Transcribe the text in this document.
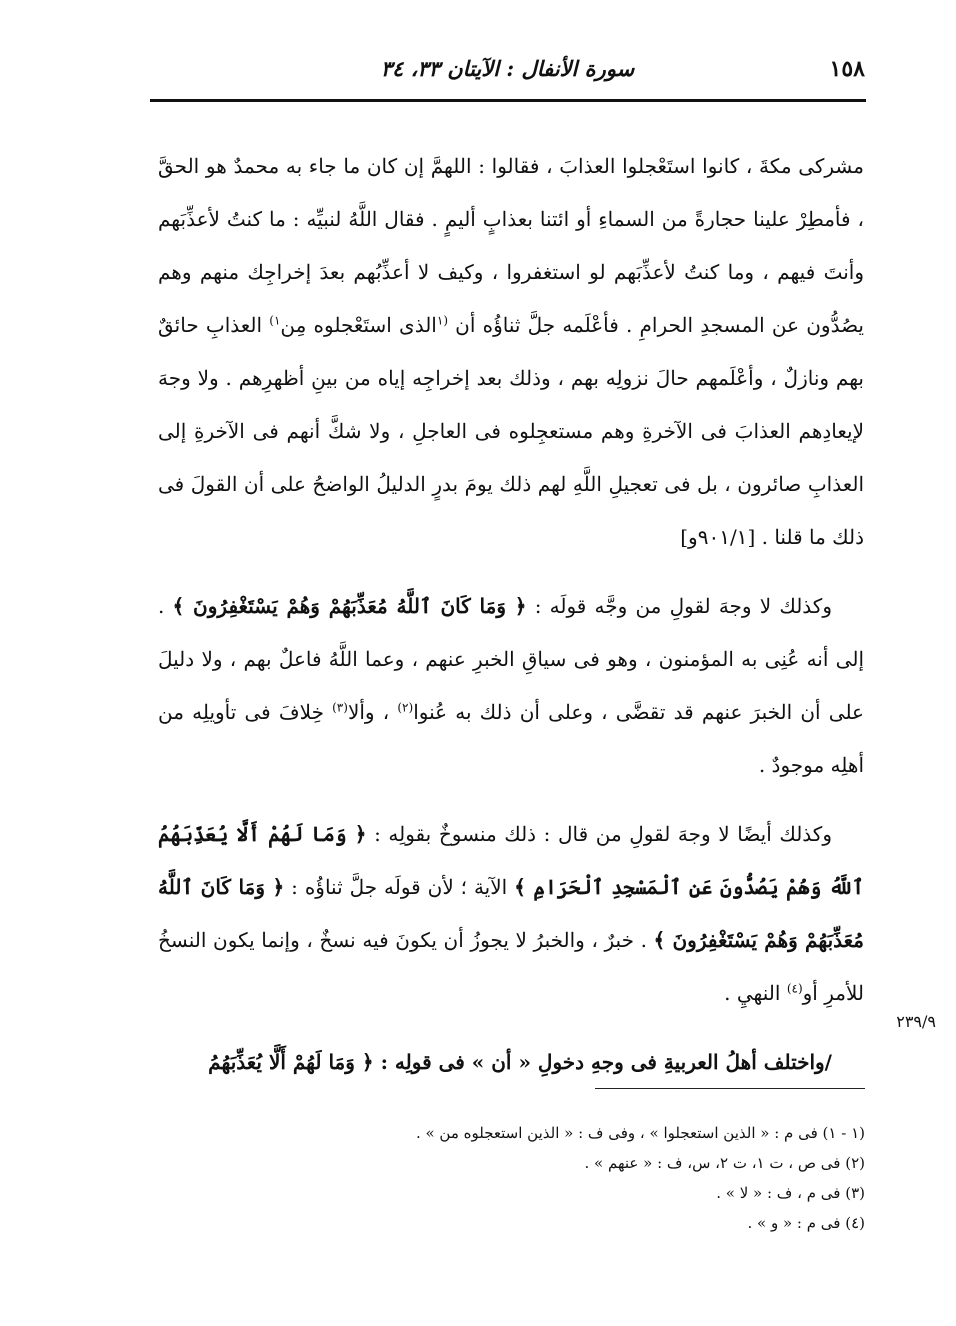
١٥٨
سورة الأنفال : الآيتان ٣٣، ٣٤

مشركى مكةَ ، كانوا استَعْجلوا العذابَ ، فقالوا : اللهمَّ إن كان ما جاء به محمدٌ هو الحقَّ ، فأمطِرْ علينا حجارةً من السماءِ أو ائتنا بعذابٍ أليمٍ . فقال اللَّهُ لنبيِّه : ما كنتُ لأعذِّبَهم وأنتَ فيهم ، وما كنتُ لأعذِّبَهم لو استغفروا ، وكيف لا أعذِّبُهم بعدَ إخراجِك منهم وهم يصُدُّون عن المسجدِ الحرامِ . فأعْلَمه جلَّ ثناؤُه أن $^{(١}$الذى استَعْجلوه مِن$^{١)}$ العذابِ حائقٌ بهم ونازلٌ ، وأعْلَمهم حالَ نزولِه بهم ، وذلك بعد إخراجِه إياه من بينِ أظهرِهم . ولا وجهَ لإيعادِهم العذابَ فى الآخرةِ وهم مستعجِلوه فى العاجلِ ، ولا شكَّ أنهم فى الآخرةِ إلى العذابِ صائرون ، بل فى تعجيلِ اللَّهِ لهم ذلك يومَ بدرٍ الدليلُ الواضحُ على أن القولَ فى ذلك ما قلنا . [٩٠١/١و]

وكذلك لا وجهَ لقولِ من وجَّه قولَه : ﴿ وَمَا كَانَ ٱللَّهُ مُعَذِّبَهُمْ وَهُمْ يَسْتَغْفِرُونَ ﴾ . إلى أنه عُنِى به المؤمنون ، وهو فى سياقِ الخبرِ عنهم ، وعما اللَّهُ فاعلٌ بهم ، ولا دليلَ على أن الخبرَ عنهم قد تقضَّى ، وعلى أن ذلك به عُنوا$^{(٢)}$ ، وألا$^{(٣)}$ خِلافَ فى تأويلِه من أهلِه موجودٌ .

وكذلك أيضًا لا وجهَ لقولِ من قال : ذلك منسوخٌ بقولِه : ﴿ وَمَا لَهُمْ أَلَّا يُعَذِّبَهُمُ ٱللَّهُ وَهُمْ يَصُدُّونَ عَنِ ٱلْمَسْجِدِ ٱلْحَرَامِ ﴾ الآية ؛ لأن قولَه جلَّ ثناؤُه : ﴿ وَمَا كَانَ ٱللَّهُ مُعَذِّبَهُمْ وَهُمْ يَسْتَغْفِرُونَ ﴾ . خبرٌ ، والخبرُ لا يجوزُ أن يكونَ فيه نسخٌ ، وإنما يكون النسخُ للأمرِ أو$^{(٤)}$ النهيِ .

/واختلف أهلُ العربيةِ فى وجهِ دخولِ « أن » فى قولِه : ﴿ وَمَا لَهُمْ أَلَّا يُعَذِّبَهُمُ

٢٣٩/٩
(١ - ١) فى م : « الذين استعجلوا » ، وفى ف : « الذين استعجلوه من » .
(٢) فى ص ، ت ١، ت ٢، س، ف : « عنهم » .
(٣) فى م ، ف : « لا » .
(٤) فى م : « و » .
